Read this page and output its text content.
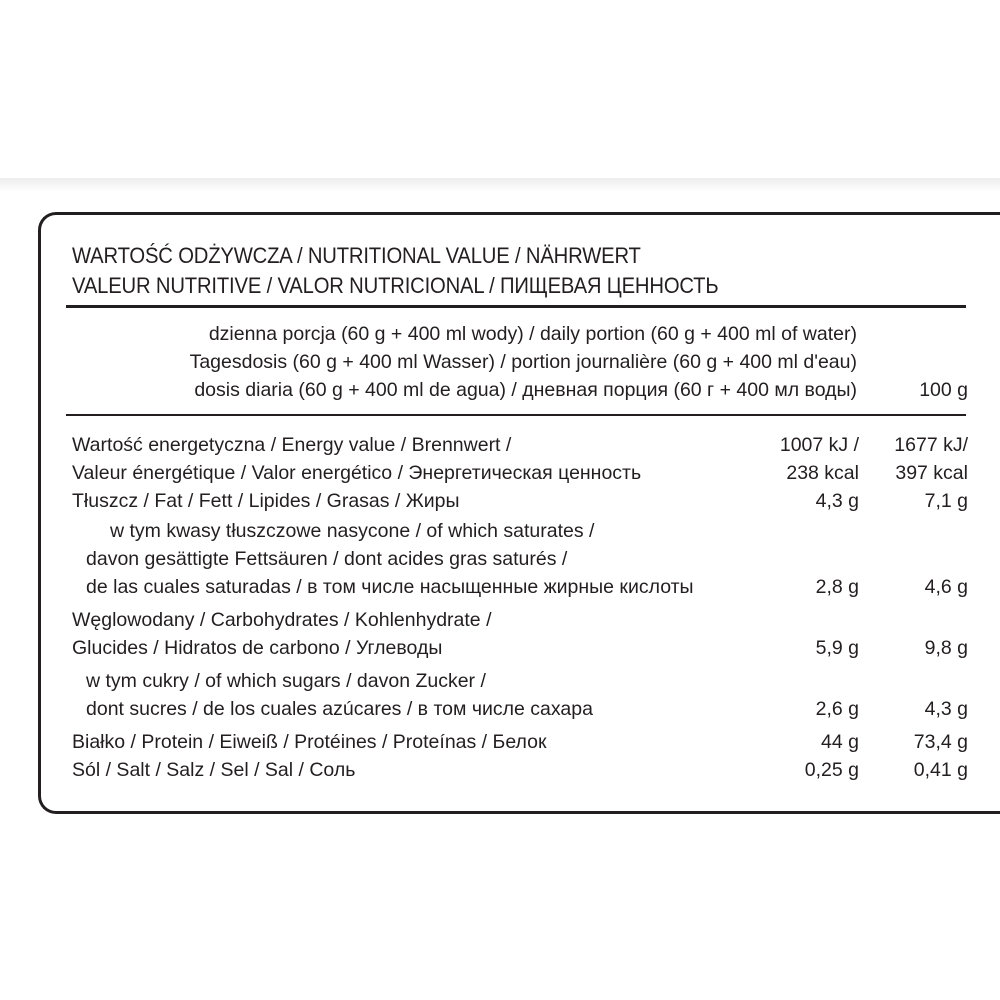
WARTOŚĆ ODŻYWCZA / NUTRITIONAL VALUE / NÄHRWERT
VALEUR NUTRITIVE / VALOR NUTRICIONAL / ПИЩЕВАЯ ЦЕННОСТЬ
dzienna porcja (60 g + 400 ml wody) / daily portion (60 g + 400 ml of water)
Tagesdosis (60 g + 400 ml Wasser) / portion journalière (60 g + 400 ml d'eau)
dosis diaria (60 g + 400 ml de agua) / дневная порция (60 г + 400 мл воды)	100 g
Wartość energetyczna / Energy value / Brennwert /	1007 kJ / 1677 kJ/
Valeur énergétique / Valor energético / Энергетическая ценность	238 kcal 397 kcal
Tłuszcz / Fat / Fett / Lipides / Grasas / Жиры	4,3 g	7,1 g
w tym kwasy tłuszczowe nasycone / of which saturates /
davon gesättigte Fettsäuren / dont acides gras saturés /
de las cuales saturadas / в том числе насыщенные жирные кислоты	2,8 g	4,6 g
Węglowodany / Carbohydrates / Kohlenhydrate /
Glucides / Hidratos de carbono / Углеводы	5,9 g	9,8 g
w tym cukry / of which sugars / davon Zucker /
dont sucres / de los cuales azúcares / в том числе сахара	2,6 g	4,3 g
Białko / Protein / Eiweiß / Protéines / Proteínas / Белок	44 g	73,4 g
Sól / Salt / Salz / Sel / Sal / Соль	0,25 g	0,41 g
